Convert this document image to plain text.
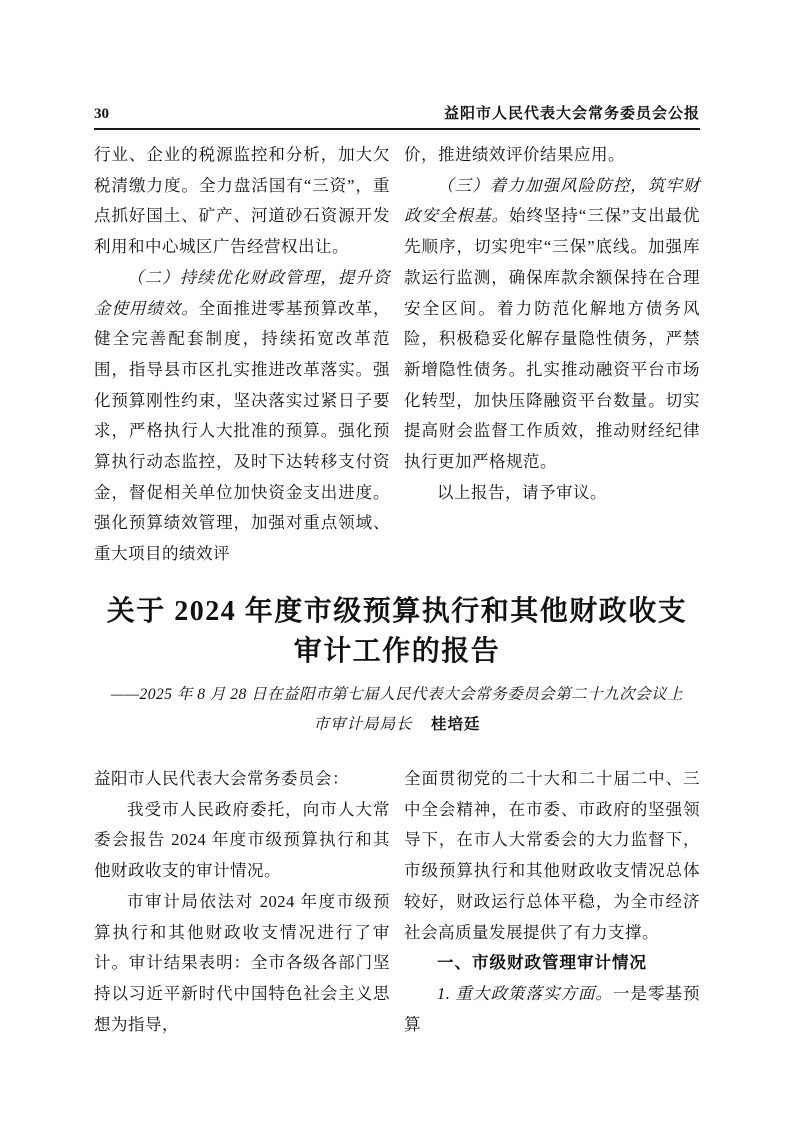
30	益阳市人民代表大会常务委员会公报

行业、企业的税源监控和分析，加大欠税清缴力度。全力盘活国有“三资”，重点抓好国土、矿产、河道砂石资源开发利用和中心城区广告经营权出让。

（二）持续优化财政管理，提升资金使用绩效。全面推进零基预算改革，健全完善配套制度，持续拓宽改革范围，指导县市区扎实推进改革落实。强化预算刚性约束，坚决落实过紧日子要求，严格执行人大批准的预算。强化预算执行动态监控，及时下达转移支付资金，督促相关单位加快资金支出进度。强化预算绩效管理，加强对重点领域、重大项目的绩效评

价，推进绩效评价结果应用。

（三）着力加强风险防控，筑牢财政安全根基。始终坚持“三保”支出最优先顺序，切实兜牢“三保”底线。加强库款运行监测，确保库款余额保持在合理安全区间。着力防范化解地方债务风险，积极稳妥化解存量隐性债务，严禁新增隐性债务。扎实推动融资平台市场化转型，加快压降融资平台数量。切实提高财会监督工作质效，推动财经纪律执行更加严格规范。

以上报告，请予审议。

关于 2024 年度市级预算执行和其他财政收支
审计工作的报告

——2025 年 8 月 28 日在益阳市第七届人民代表大会常务委员会第二十九次会议上

市审计局局长 桂培廷

益阳市人民代表大会常务委员会：

我受市人民政府委托，向市人大常委会报告 2024 年度市级预算执行和其他财政收支的审计情况。

市审计局依法对 2024 年度市级预算执行和其他财政收支情况进行了审计。审计结果表明：全市各级各部门坚持以习近平新时代中国特色社会主义思想为指导，

全面贯彻党的二十大和二十届二中、三中全会精神，在市委、市政府的坚强领导下，在市人大常委会的大力监督下，市级预算执行和其他财政收支情况总体较好，财政运行总体平稳，为全市经济社会高质量发展提供了有力支撑。

一、市级财政管理审计情况

1. 重大政策落实方面。一是零基预算
